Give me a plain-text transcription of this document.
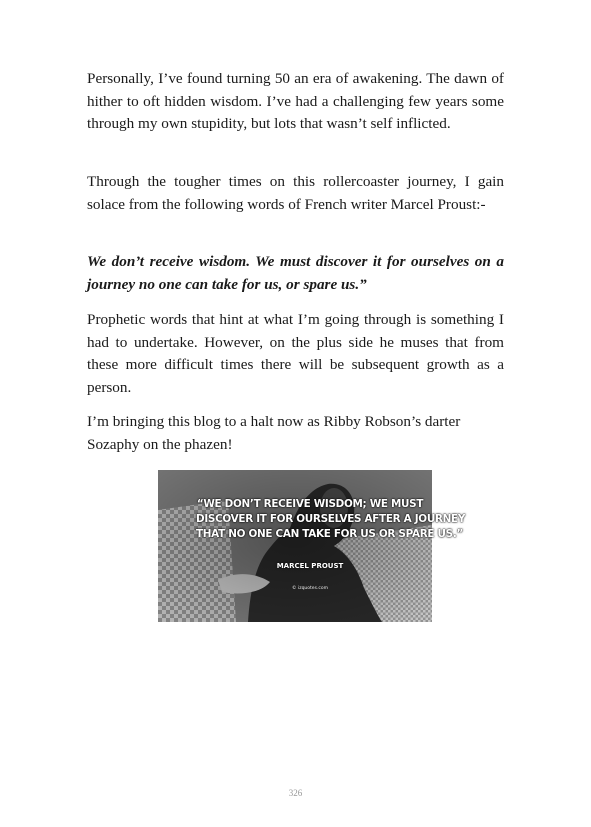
Personally, I’ve found turning 50 an era of awakening. The dawn of hither to oft hidden wisdom. I’ve had a challenging few years some through my own stupidity, but lots that wasn’t self inflicted.

Through the tougher times on this rollercoaster journey, I gain solace from the following words of French writer Marcel Proust:-

We don’t receive wisdom. We must discover it for ourselves on a journey no one can take for us, or spare us.”

Prophetic words that hint at what I’m going through is something I had to undertake. However, on the plus side he muses that from these more difficult times there will be subsequent growth as a person.

I’m bringing this blog to a halt now as Ribby Robson’s darter Sozaphy on the phazen!

“WE DON’T RECEIVE WISDOM; WE MUST
DISCOVER IT FOR OURSELVES AFTER A JOURNEY
THAT NO ONE CAN TAKE FOR US OR SPARE US.”
MARCEL PROUST
© izquotes.com
326
